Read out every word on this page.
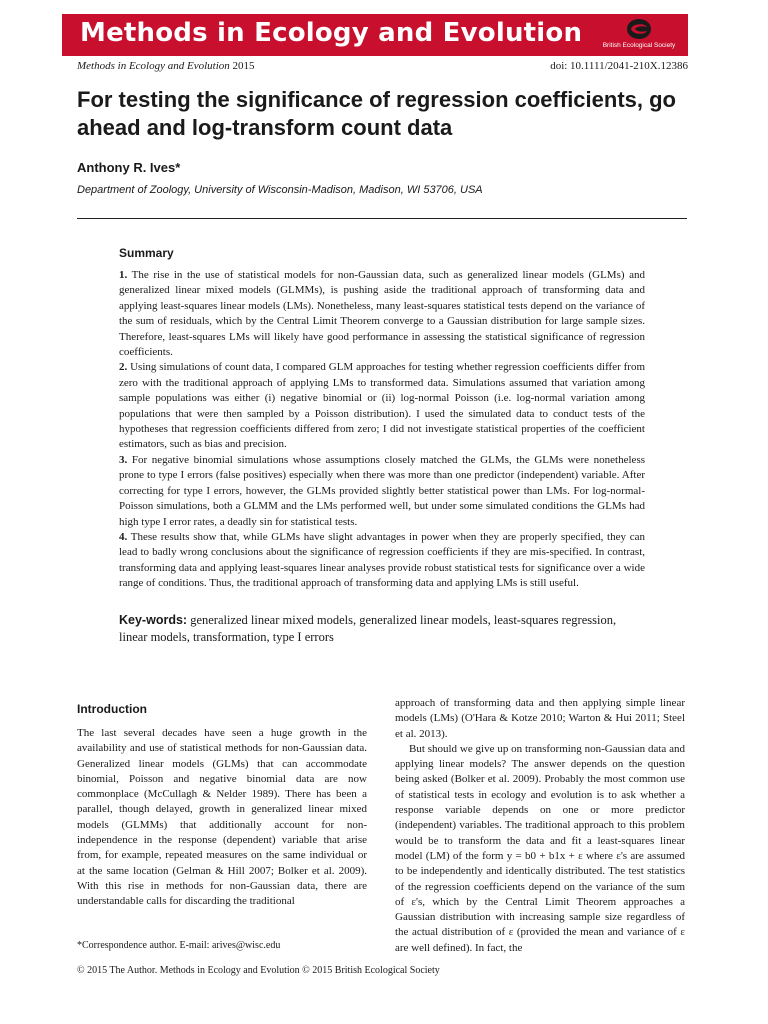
Methods in Ecology and Evolution	British Ecological Society
Methods in Ecology and Evolution 2015	doi: 10.1111/2041-210X.12386
For testing the significance of regression coefficients, go ahead and log-transform count data
Anthony R. Ives*
Department of Zoology, University of Wisconsin-Madison, Madison, WI 53706, USA
Summary

1. The rise in the use of statistical models for non-Gaussian data, such as generalized linear models (GLMs) and generalized linear mixed models (GLMMs), is pushing aside the traditional approach of transforming data and applying least-squares linear models (LMs). Nonetheless, many least-squares statistical tests depend on the variance of the sum of residuals, which by the Central Limit Theorem converge to a Gaussian distribution for large sample sizes. Therefore, least-squares LMs will likely have good performance in assessing the statistical significance of regression coefficients.

2. Using simulations of count data, I compared GLM approaches for testing whether regression coefficients differ from zero with the traditional approach of applying LMs to transformed data. Simulations assumed that variation among sample populations was either (i) negative binomial or (ii) log-normal Poisson (i.e. log-normal variation among populations that were then sampled by a Poisson distribution). I used the simulated data to conduct tests of the hypotheses that regression coefficients differed from zero; I did not investigate statistical properties of the coefficient estimators, such as bias and precision.

3. For negative binomial simulations whose assumptions closely matched the GLMs, the GLMs were nonetheless prone to type I errors (false positives) especially when there was more than one predictor (independent) variable. After correcting for type I errors, however, the GLMs provided slightly better statistical power than LMs. For log-normal-Poisson simulations, both a GLMM and the LMs performed well, but under some simulated conditions the GLMs had high type I error rates, a deadly sin for statistical tests.

4. These results show that, while GLMs have slight advantages in power when they are properly specified, they can lead to badly wrong conclusions about the significance of regression coefficients if they are mis-specified. In contrast, transforming data and applying least-squares linear analyses provide robust statistical tests for significance over a wide range of conditions. Thus, the traditional approach of transforming data and applying LMs is still useful.

Key-words: generalized linear mixed models, generalized linear models, least-squares regression, linear models, transformation, type I errors
Introduction

The last several decades have seen a huge growth in the availability and use of statistical methods for non-Gaussian data. Generalized linear models (GLMs) that can accommodate binomial, Poisson and negative binomial data are now commonplace (McCullagh & Nelder 1989). There has been a parallel, though delayed, growth in generalized linear mixed models (GLMMs) that additionally account for non-independence in the response (dependent) variable that arise from, for example, repeated measures on the same individual or at the same location (Gelman & Hill 2007; Bolker et al. 2009). With this rise in methods for non-Gaussian data, there are understandable calls for discarding the traditional

approach of transforming data and then applying simple linear models (LMs) (O'Hara & Kotze 2010; Warton & Hui 2011; Steel et al. 2013).

But should we give up on transforming non-Gaussian data and applying linear models? The answer depends on the question being asked (Bolker et al. 2009). Probably the most common use of statistical tests in ecology and evolution is to ask whether a response variable depends on one or more predictor (independent) variables. The traditional approach to this problem would be to transform the data and fit a least-squares linear model (LM) of the form y = b0 + b1x + ε where ε's are assumed to be independently and identically distributed. The test statistics of the regression coefficients depend on the variance of the sum of ε's, which by the Central Limit Theorem approaches a Gaussian distribution with increasing sample size regardless of the actual distribution of ε (provided the mean and variance of ε are well defined). In fact, the

*Correspondence author. E-mail: arives@wisc.edu
© 2015 The Author. Methods in Ecology and Evolution © 2015 British Ecological Society
